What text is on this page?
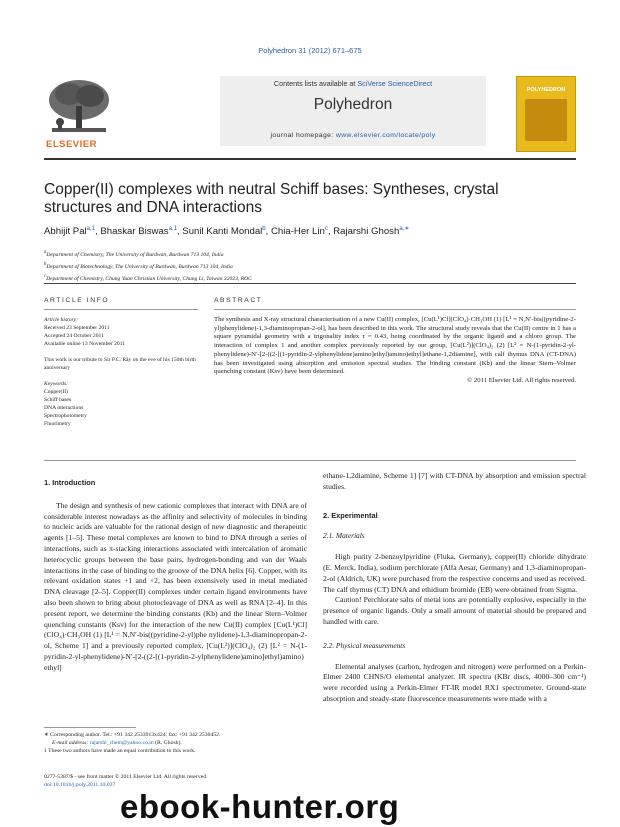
Polyhedron 31 (2012) 671–675
ELSEVIER
Contents lists available at SciVerse ScienceDirect
Polyhedron
journal homepage: www.elsevier.com/locate/poly
POLYHEDRON
Copper(II) complexes with neutral Schiff bases: Syntheses, crystal structures and DNA interactions
Abhijit Pal$^{a,1}$, Bhaskar Biswas$^{a,1}$, Sunil Kanti Mondal$^b$, Chia-Her Lin$^c$, Rajarshi Ghosh$^{a,∗}$
$^a$Department of Chemistry, The University of Burdwan, Burdwan 713 104, India
$^b$Department of Biotechnology, The University of Burdwan, Burdwan 713 104, India
$^c$Department of Chemistry, Chung Yuan Christian University, Chung Li, Taiwan 32023, ROC
ARTICLE INFO	ABSTRACT
Article history:
Received 23 September 2011
Accepted 24 October 2011
Available online 13 November 2011
This work is our tribute to Sir P.C. Rây on the eve of his 150th birth anniversary
Keywords:
Copper(II)
Schiff bases
DNA interactions
Spectrophotometry
Fluorimetry
The synthesis and X-ray structural characterisation of a new Cu(II) complex, [Cu(L¹)Cl](ClO₄)·CH₃OH (1) [L¹ = N,N′-bis((pyridine-2-yl)phenylidene)-1,3-diaminopropan-2-ol], has been described in this work. The structural study reveals that the Cu(II) centre in 1 has a square pyramidal geometry with a trigonality index τ = 0.43, being coordinated by the organic ligand and a chloro group. The interaction of complex 1 and another complex previously reported by our group, [Cu(L²)](ClO₄)₂ (2) [L² = N-(1-pyridin-2-yl-phenylidene)-N′-[2-((2-[(1-pyridin-2-ylphenylidene)amino]ethyl)amino)ethyl]ethane-1,2diamine], with calf thymus DNA (CT-DNA) has been investigated using absorption and emission spectral studies. The binding constant (Kb) and the linear Stern–Volmer quenching constant (Ksv) have been determined.
© 2011 Elsevier Ltd. All rights reserved.
1. Introduction

The design and synthesis of new cationic complexes that interact with DNA are of considerable interest nowadays as the affinity and selectivity of molecules in binding to nucleic acids are valuable for the rational design of new diagnostic and therapeutic agents [1–5]. These metal complexes are known to bind to DNA through a series of interactions, such as π-stacking interactions associated with intercalation of aromatic heterocyclic groups between the base pairs, hydrogen-bonding and van der Waals interactions in the case of binding to the groove of the DNA helix [6]. Copper, with its relevant oxidation states +1 and +2, has been extensively used in metal mediated DNA cleavage [2–5]. Copper(II) complexes under certain ligand environments have also been shown to bring about photocleavage of DNA as well as RNA [2–4]. In this present report, we determine the binding constants (Kb) and the linear Stern–Volmer quenching constants (Ksv) for the interaction of the new Cu(II) complex [Cu(L¹)Cl](ClO₄)·CH₃OH (1) [L¹ = N,N′-bis((pyridine-2-yl)phe nylidene)-1,3-diaminopropan-2-ol, Scheme 1] and a previously reported complex, [Cu(L²)](ClO₄)₂ (2) [L² = N-(1-pyridin-2-yl-phenylidene)-N′-[2-((2-[(1-pyridin-2-ylphenylidene)amino]ethyl)amino) ethyl]

ethane-1,2diamine, Scheme 1] [7] with CT-DNA by absorption and emission spectral studies.

2. Experimental
2.1. Materials

High purity 2-benzoylpyridine (Fluka, Germany), copper(II) chloride dihydrate (E. Merck, India), sodium perchlorate (Alfa Aesar, Germany) and 1,3-diaminopropan-2-ol (Aldrich, UK) were purchased from the respective concerns and used as received. The calf thymus (CT) DNA and ethidium bromide (EB) were obtained from Sigma.

Caution! Perchlorate salts of metal ions are potentially explosive, especially in the presence of organic ligands. Only a small amount of material should be prepared and handled with care.

2.2. Physical measurements

Elemental analyses (carbon, hydrogen and nitrogen) were performed on a Perkin-Elmer 2400 CHNS/O elemental analyzer. IR spectra (KBr discs, 4000–300 cm⁻¹) were recorded using a Perkin-Elmer FT-IR model RX1 spectrometer. Ground-state absorption and steady-state fluorescence measurements were made with a

∗ Corresponding author. Tel.: +91 342 2533913x424; fax: +91 342 2530452.
E-mail address: rajarshi_chem@yahoo.co.in (R. Ghosh).
1 These two authors have made an equal contribution to this work.
0277-5387/$ - see front matter © 2011 Elsevier Ltd. All rights reserved.
doi:10.1016/j.poly.2011.10.037
ebook-hunter.org
